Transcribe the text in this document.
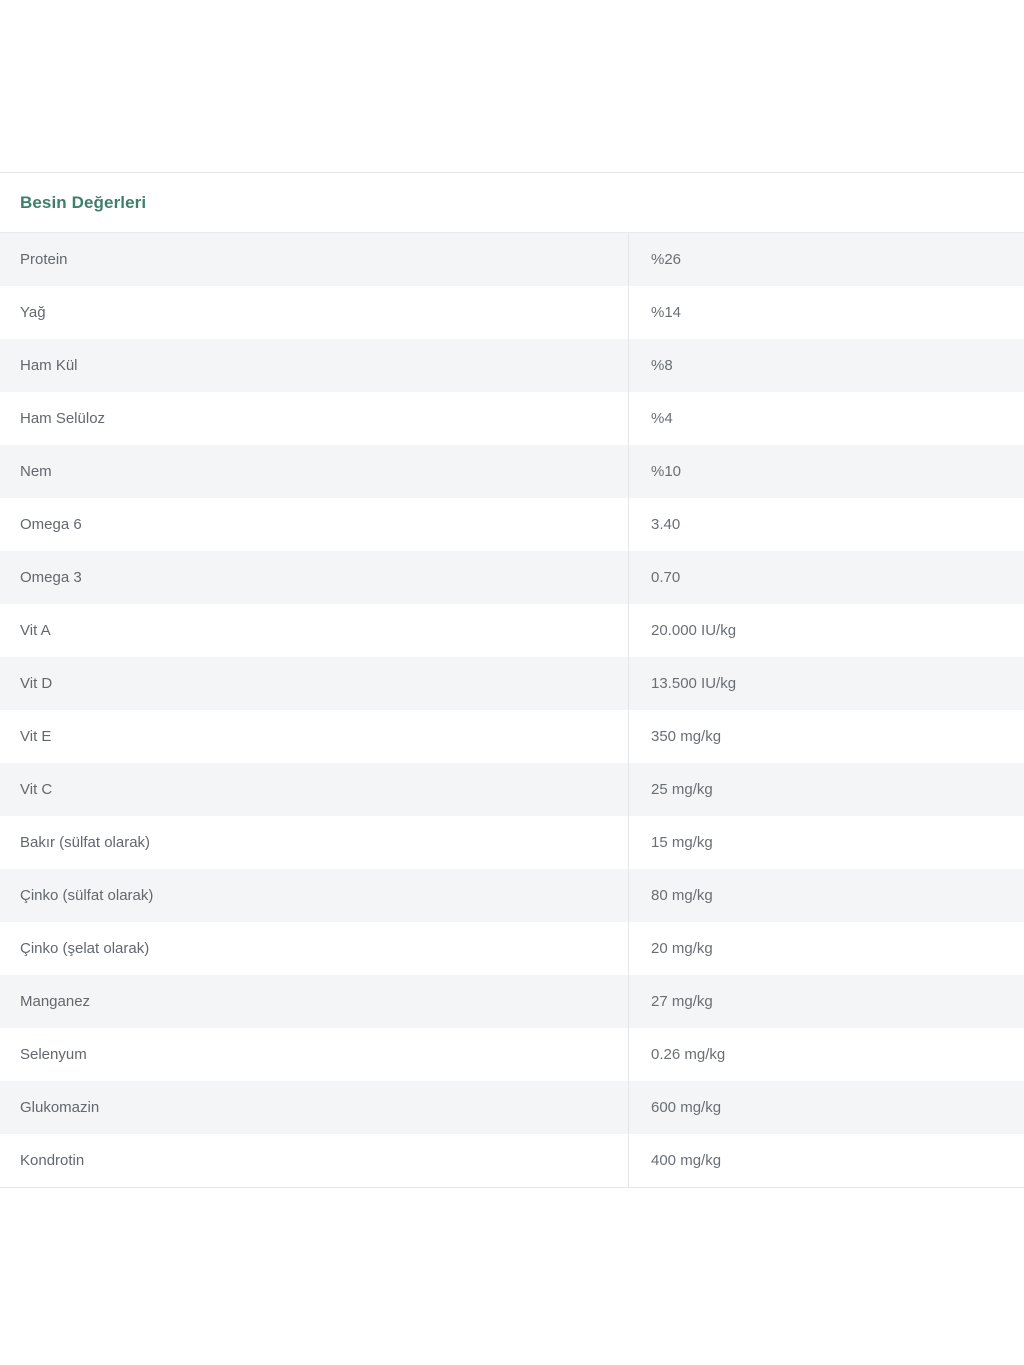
Besin Değerleri
Protein	%26
Yağ	%14
Ham Kül	%8
Ham Selüloz	%4
Nem	%10
Omega 6	3.40
Omega 3	0.70
Vit A	20.000 IU/kg
Vit D	13.500 IU/kg
Vit E	350 mg/kg
Vit C	25 mg/kg
Bakır (sülfat olarak)	15 mg/kg
Çinko (sülfat olarak)	80 mg/kg
Çinko (şelat olarak)	20 mg/kg
Manganez	27 mg/kg
Selenyum	0.26 mg/kg
Glukomazin	600 mg/kg
Kondrotin	400 mg/kg
